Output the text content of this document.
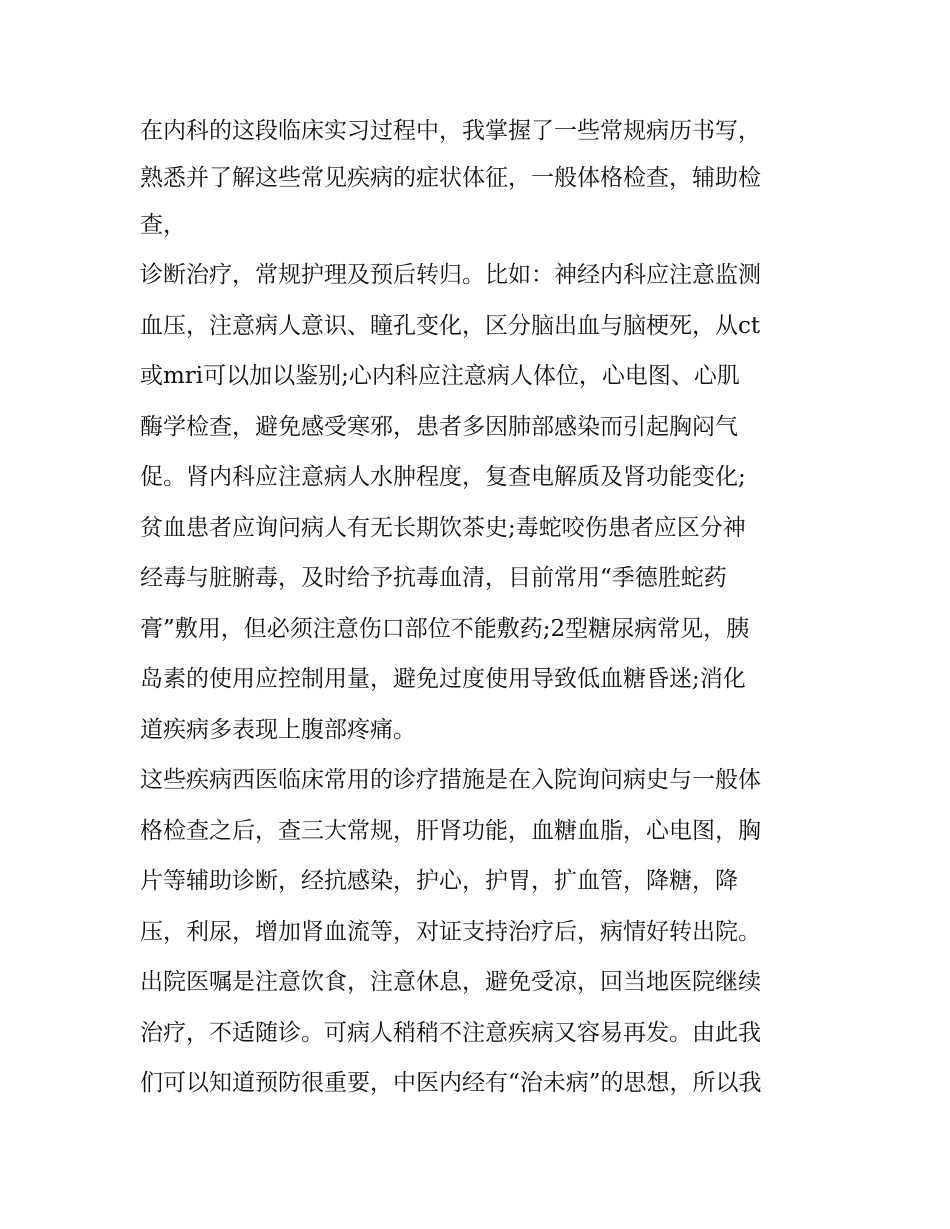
在内科的这段临床实习过程中，我掌握了一些常规病历书写，
熟悉并了解这些常见疾病的症状体征，一般体格检查，辅助检
查，
诊断治疗，常规护理及预后转归。比如：神经内科应注意监测
血压，注意病人意识、瞳孔变化，区分脑出血与脑梗死，从ct
或mri可以加以鉴别;心内科应注意病人体位，心电图、心肌
酶学检查，避免感受寒邪，患者多因肺部感染而引起胸闷气
促。肾内科应注意病人水肿程度，复查电解质及肾功能变化;
贫血患者应询问病人有无长期饮茶史;毒蛇咬伤患者应区分神
经毒与脏腑毒，及时给予抗毒血清，目前常用“季德胜蛇药
膏”敷用，但必须注意伤口部位不能敷药;2型糖尿病常见，胰
岛素的使用应控制用量，避免过度使用导致低血糖昏迷;消化
道疾病多表现上腹部疼痛。
这些疾病西医临床常用的诊疗措施是在入院询问病史与一般体
格检查之后，查三大常规，肝肾功能，血糖血脂，心电图，胸
片等辅助诊断，经抗感染，护心，护胃，扩血管，降糖，降
压，利尿，增加肾血流等，对证支持治疗后，病情好转出院。
出院医嘱是注意饮食，注意休息，避免受凉，回当地医院继续
治疗，不适随诊。可病人稍稍不注意疾病又容易再发。由此我
们可以知道预防很重要，中医内经有“治未病”的思想，所以我
